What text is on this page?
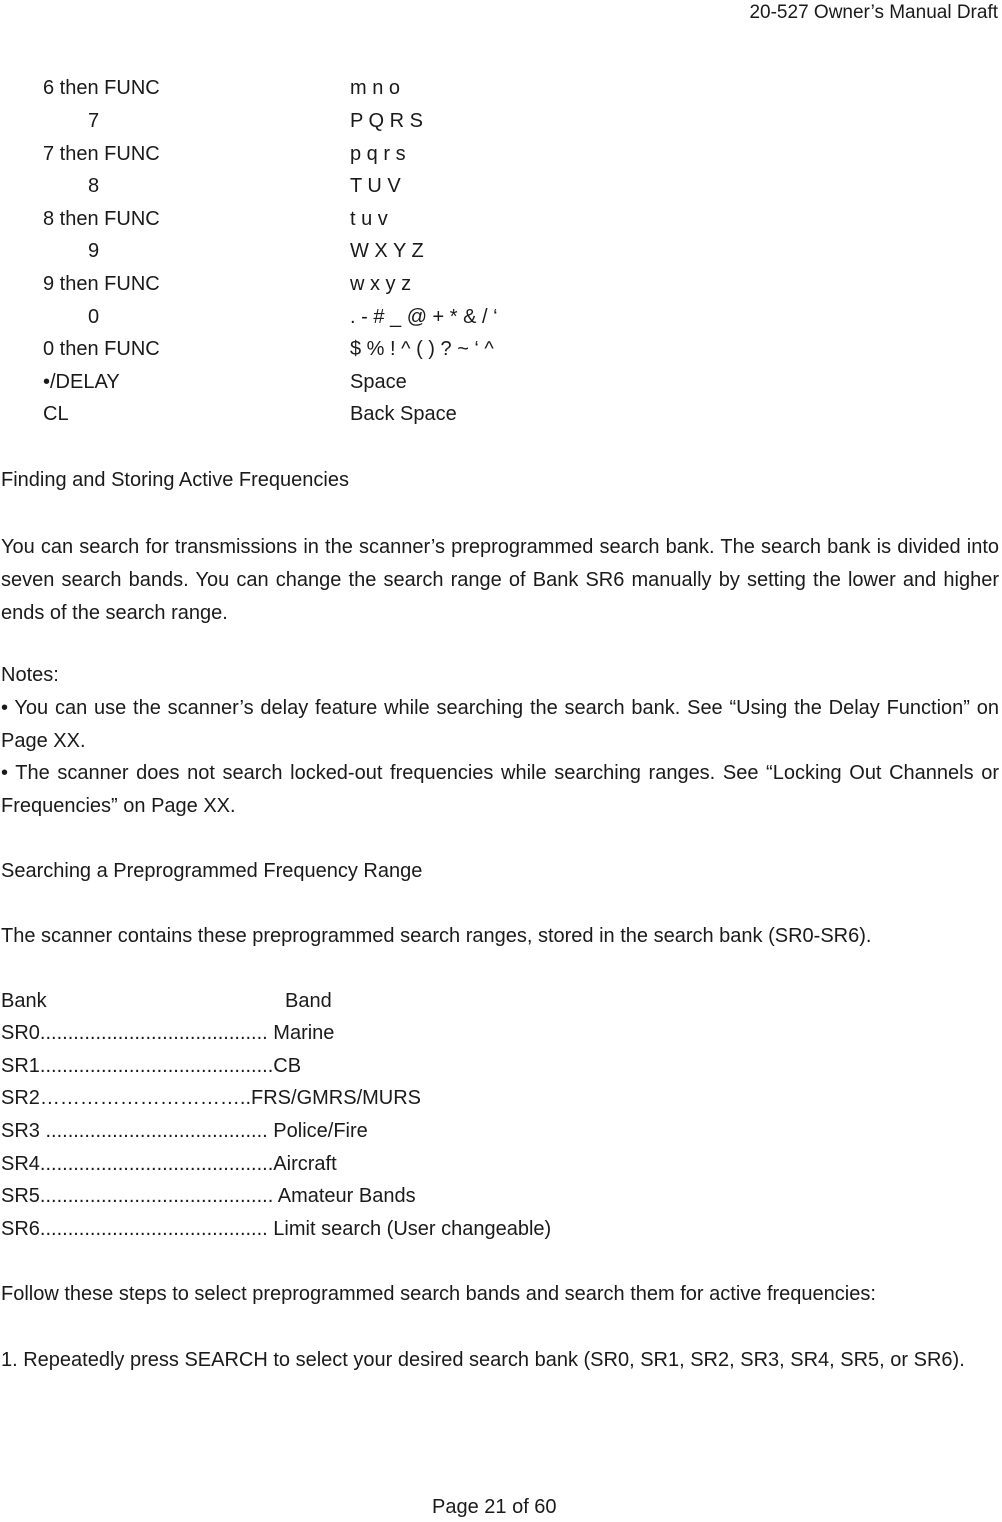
20-527 Owner’s Manual Draft
6 then FUNC	m n o
7	P Q R S
7 then FUNC	p q r s
8	T U V
8 then FUNC	t u v
9	W X Y Z
9 then FUNC	w x y z
0	. - # _ @ + * & / ‘
0 then FUNC	$ % ! ^ ( ) ? ~ ‘ ^
•/DELAY	Space
CL	Back Space
Finding and Storing Active Frequencies
You can search for transmissions in the scanner’s preprogrammed search bank. The search bank is divided into seven search bands. You can change the search range of Bank SR6 manually by setting the lower and higher ends of the search range.
Notes:
• You can use the scanner’s delay feature while searching the search bank. See “Using the Delay Function” on Page XX.
• The scanner does not search locked-out frequencies while searching ranges. See “Locking Out Channels or Frequencies” on Page XX.
Searching a Preprogrammed Frequency Range
The scanner contains these preprogrammed search ranges, stored in the search bank (SR0-SR6).
Bank	Band
SR0......................................... Marine
SR1..........................................CB
SR2…………………………..FRS/GMRS/MURS
SR3 ........................................ Police/Fire
SR4..........................................Aircraft
SR5.......................................... Amateur Bands
SR6......................................... Limit search (User changeable)
Follow these steps to select preprogrammed search bands and search them for active frequencies:
1. Repeatedly press SEARCH to select your desired search bank (SR0, SR1, SR2, SR3, SR4, SR5, or SR6).
Page 21 of 60
